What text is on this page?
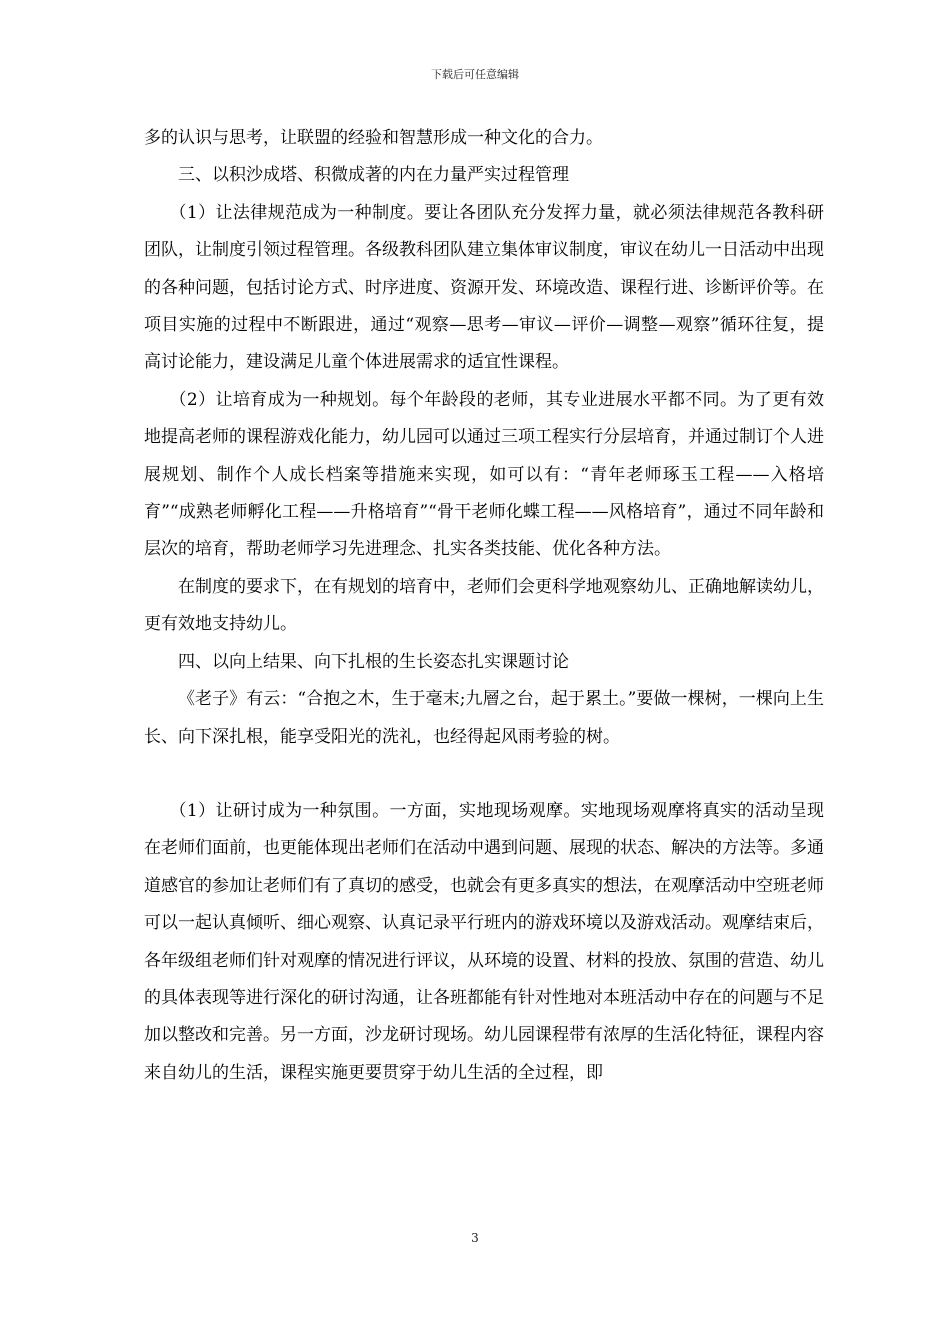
下载后可任意编辑

多的认识与思考，让联盟的经验和智慧形成一种文化的合力。

三、以积沙成塔、积微成著的内在力量严实过程管理

（1）让法律规范成为一种制度。要让各团队充分发挥力量，就必须法律规范各教科研团队，让制度引领过程管理。各级教科团队建立集体审议制度，审议在幼儿一日活动中出现的各种问题，包括讨论方式、时序进度、资源开发、环境改造、课程行进、诊断评价等。在项目实施的过程中不断跟进，通过“观察—思考—审议—评价—调整—观察”循环往复，提高讨论能力，建设满足儿童个体进展需求的适宜性课程。

（2）让培育成为一种规划。每个年龄段的老师，其专业进展水平都不同。为了更有效地提高老师的课程游戏化能力，幼儿园可以通过三项工程实行分层培育，并通过制订个人进展规划、制作个人成长档案等措施来实现，如可以有：“青年老师琢玉工程——入格培育”“成熟老师孵化工程——升格培育”“骨干老师化蝶工程——风格培育”，通过不同年龄和层次的培育，帮助老师学习先进理念、扎实各类技能、优化各种方法。

在制度的要求下，在有规划的培育中，老师们会更科学地观察幼儿、正确地解读幼儿，更有效地支持幼儿。

四、以向上结果、向下扎根的生长姿态扎实课题讨论

《老子》有云：“合抱之木，生于毫末;九層之台，起于累土。”要做一棵树，一棵向上生长、向下深扎根，能享受阳光的洗礼，也经得起风雨考验的树。

（1）让研讨成为一种氛围。一方面，实地现场观摩。实地现场观摩将真实的活动呈现在老师们面前，也更能体现出老师们在活动中遇到问题、展现的状态、解决的方法等。多通道感官的参加让老师们有了真切的感受，也就会有更多真实的想法，在观摩活动中空班老师可以一起认真倾听、细心观察、认真记录平行班内的游戏环境以及游戏活动。观摩结束后，各年级组老师们针对观摩的情况进行评议，从环境的设置、材料的投放、氛围的营造、幼儿的具体表现等进行深化的研讨沟通，让各班都能有针对性地对本班活动中存在的问题与不足加以整改和完善。另一方面，沙龙研讨现场。幼儿园课程带有浓厚的生活化特征，课程内容来自幼儿的生活，课程实施更要贯穿于幼儿生活的全过程，即

3
